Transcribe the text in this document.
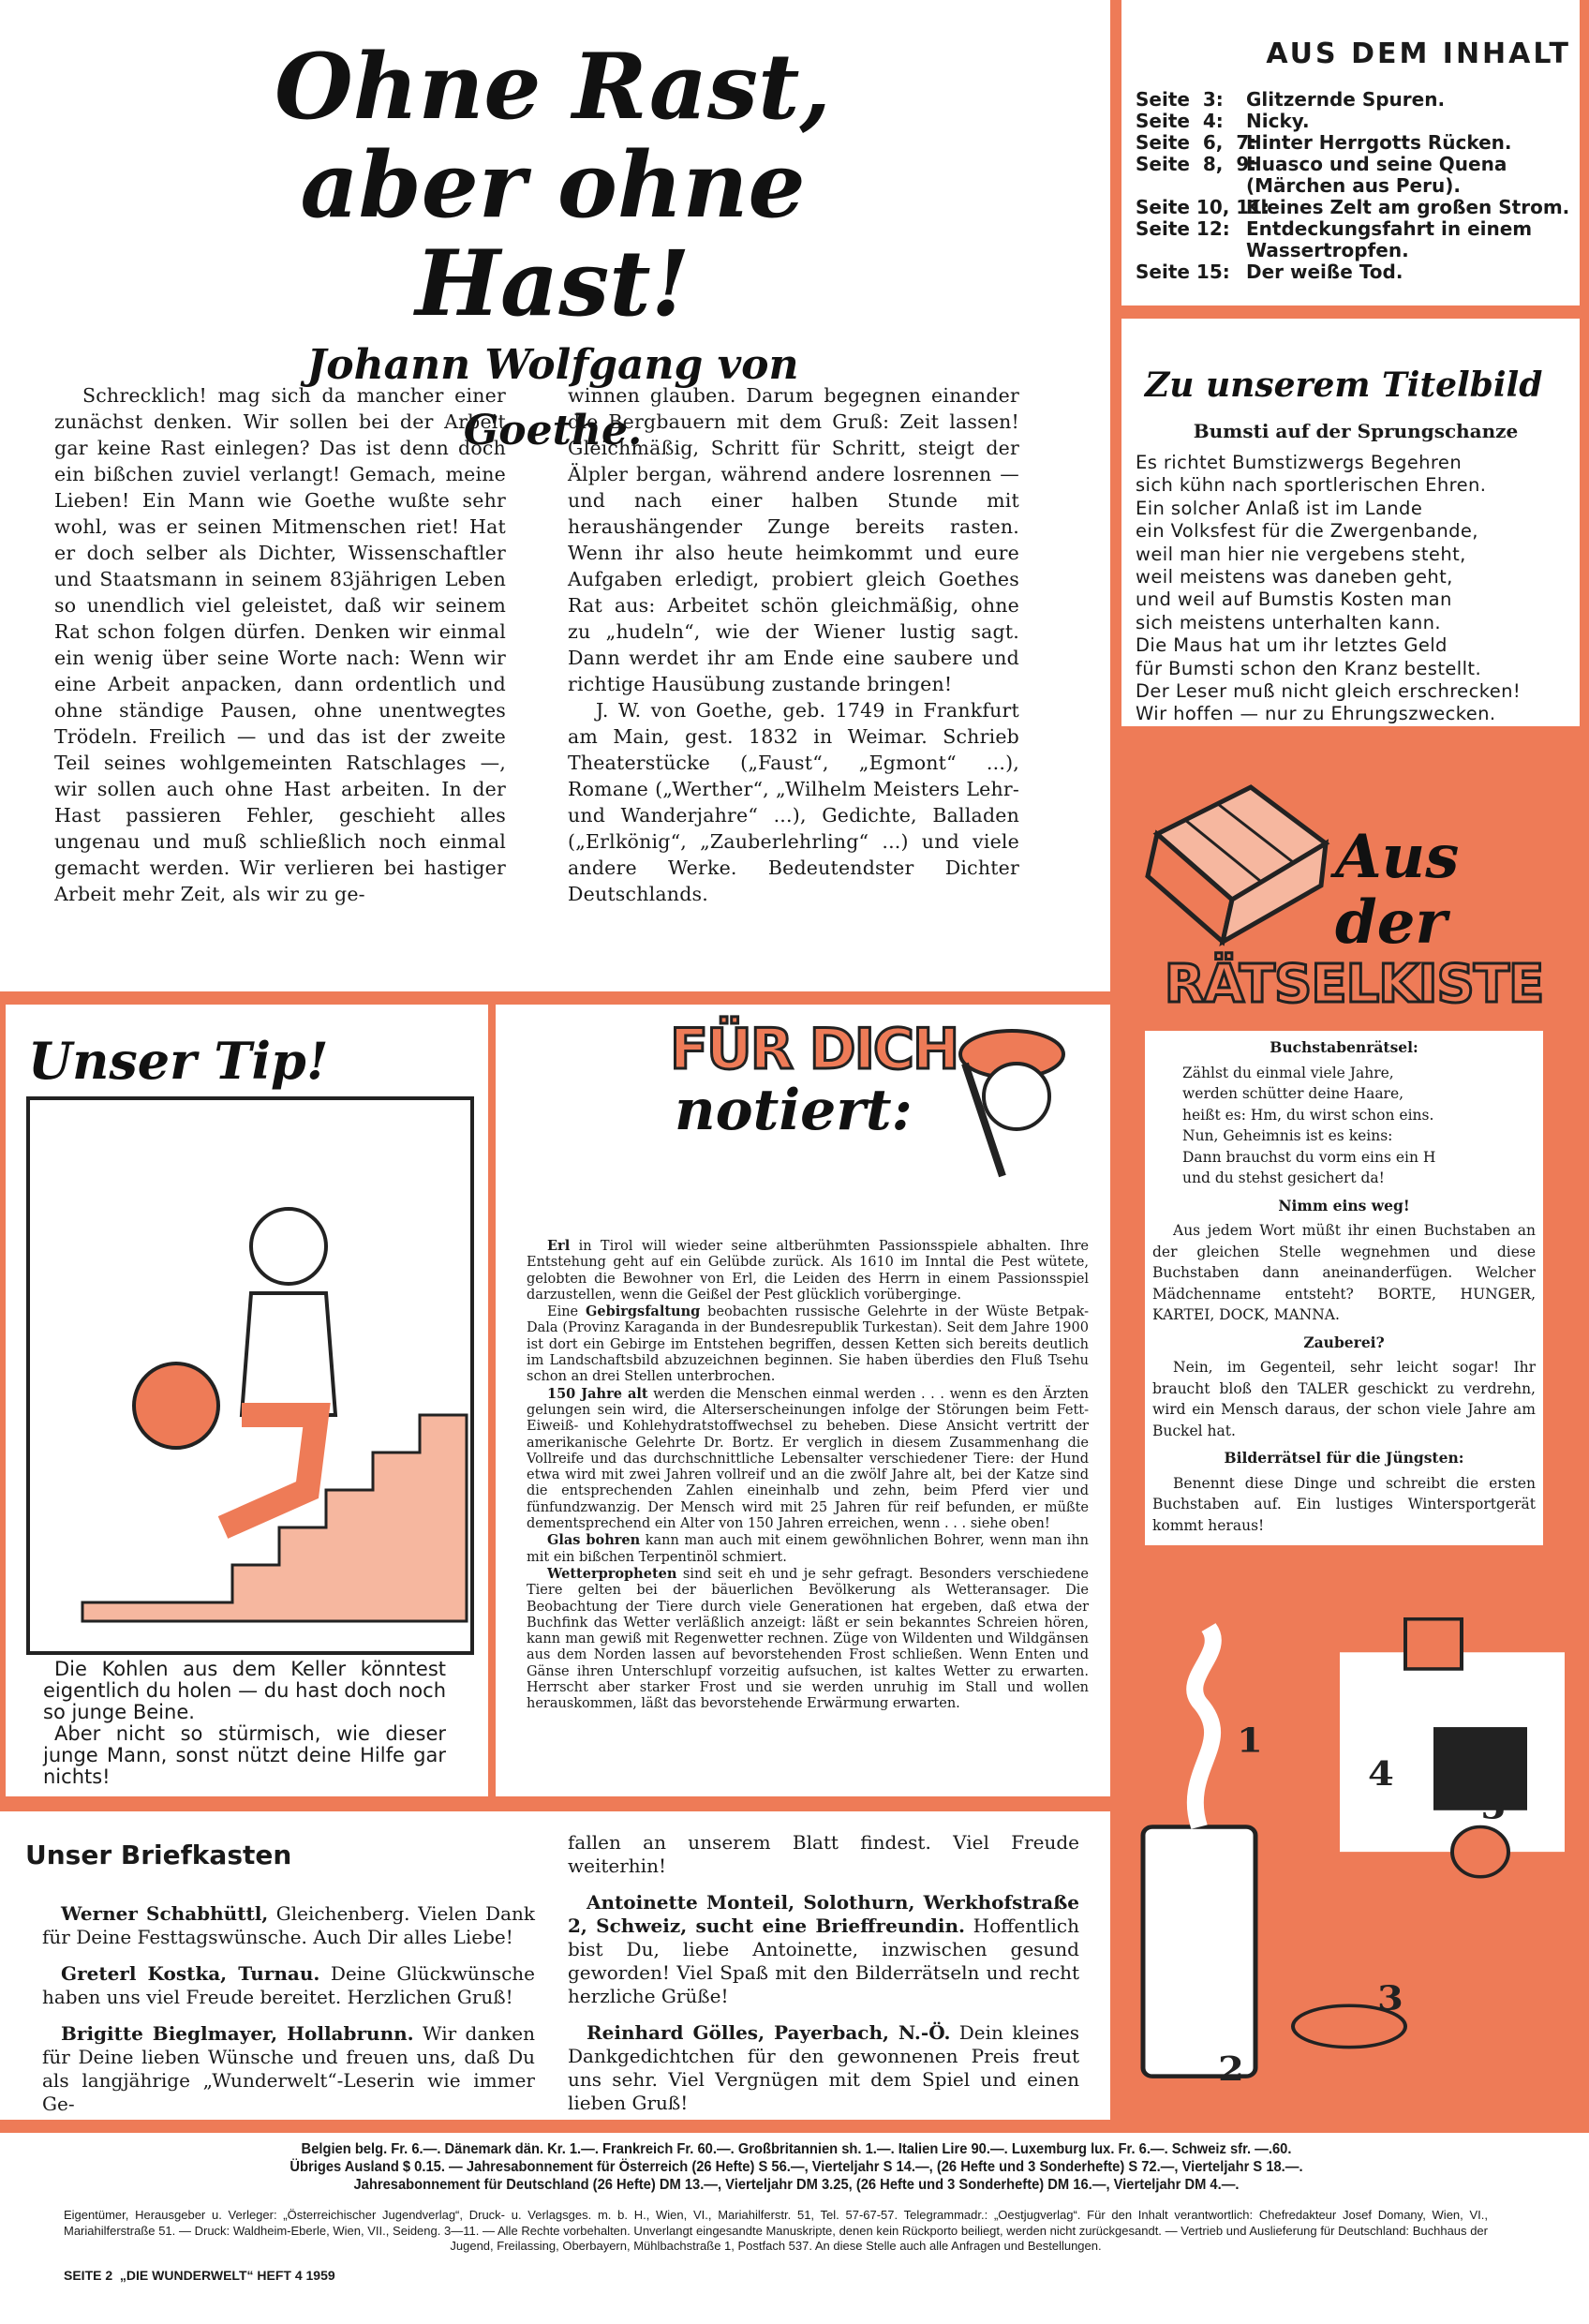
Ohne Rast,
aber ohne Hast!
Johann Wolfgang von Goethe.

Schrecklich! mag sich da mancher einer zunächst denken. Wir sollen bei der Arbeit gar keine Rast einlegen? Das ist denn doch ein bißchen zuviel verlangt! Gemach, meine Lieben! Ein Mann wie Goethe wußte sehr wohl, was er seinen Mitmenschen riet! Hat er doch selber als Dichter, Wissenschaftler und Staatsmann in seinem 83jährigen Leben so unendlich viel geleistet, daß wir seinem Rat schon folgen dürfen. Denken wir einmal ein wenig über seine Worte nach: Wenn wir eine Arbeit anpacken, dann ordentlich und ohne ständige Pausen, ohne unentwegtes Trödeln. Freilich — und das ist der zweite Teil seines wohlgemeinten Ratschlages —, wir sollen auch ohne Hast arbeiten. In der Hast passieren Fehler, geschieht alles ungenau und muß schließlich noch einmal gemacht werden. Wir verlieren bei hastiger Arbeit mehr Zeit, als wir zu ge-

winnen glauben. Darum begegnen einander die Bergbauern mit dem Gruß: Zeit lassen! Gleichmäßig, Schritt für Schritt, steigt der Älpler bergan, während andere losrennen — und nach einer halben Stunde mit heraushängender Zunge bereits rasten. Wenn ihr also heute heimkommt und eure Aufgaben erledigt, probiert gleich Goethes Rat aus: Arbeitet schön gleichmäßig, ohne zu „hudeln“, wie der Wiener lustig sagt. Dann werdet ihr am Ende eine saubere und richtige Hausübung zustande bringen!

J. W. von Goethe, geb. 1749 in Frankfurt am Main, gest. 1832 in Weimar. Schrieb Theaterstücke („Faust“, „Egmont“ ...), Romane („Werther“, „Wilhelm Meisters Lehr- und Wanderjahre“ ...), Gedichte, Balladen („Erlkönig“, „Zauberlehrling“ ...) und viele andere Werke. Bedeutendster Dichter Deutschlands.

AUS DEM INHALT
Seite  3:	Glitzernde Spuren.
Seite  4:	Nicky.
Seite  6,  7:
Hinter Herrgotts Rücken.
Seite  8,  9:
Huasco und seine Quena (Märchen aus Peru).
Seite 10, 11:
Kleines Zelt am großen Strom.
Seite 12: Entdeckungsfahrt in einem Wassertropfen.
Seite 15: Der weiße Tod.
Zu unserem Titelbild
Bumsti auf der Sprungschanze
Es richtet Bumstizwergs Begehren
sich kühn nach sportlerischen Ehren.
Ein solcher Anlaß ist im Lande
ein Volksfest für die Zwergenbande,
weil man hier nie vergebens steht,
weil meistens was daneben geht,
und weil auf Bumstis Kosten man
sich meistens unterhalten kann.
Die Maus hat um ihr letztes Geld
für Bumsti schon den Kranz bestellt.
Der Leser muß nicht gleich erschrecken!
Wir hoffen — nur zu Ehrungszwecken.
Aus der
RÄTSELKISTE
1
2
3
4
5
Buchstabenrätsel:
Zählst du einmal viele Jahre,
werden schütter deine Haare,
heißt es: Hm, du wirst schon eins.
Nun, Geheimnis ist es keins:
Dann brauchst du vorm eins ein H
und du stehst gesichert da!
Nimm eins weg!

Aus jedem Wort müßt ihr einen Buchstaben an der gleichen Stelle wegnehmen und diese Buchstaben dann aneinanderfügen. Welcher Mädchenname entsteht? BORTE, HUNGER, KARTEI, DOCK, MANNA.

Zauberei?

Nein, im Gegenteil, sehr leicht sogar! Ihr braucht bloß den TALER geschickt zu verdrehn, wird ein Mensch daraus, der schon viele Jahre am Buckel hat.

Bilderrätsel für die Jüngsten:

Benennt diese Dinge und schreibt die ersten Buchstaben auf. Ein lustiges Wintersportgerät kommt heraus!

Unser Tip!

Die Kohlen aus dem Keller könntest eigentlich du holen — du hast doch noch so junge Beine.

Aber nicht so stürmisch, wie dieser junge Mann, sonst nützt deine Hilfe gar nichts!

FÜR DICH
notiert:

Erl in Tirol will wieder seine altberühmten Passionsspiele abhalten. Ihre Entstehung geht auf ein Gelübde zurück. Als 1610 im Inntal die Pest wütete, gelobten die Bewohner von Erl, die Leiden des Herrn in einem Passionsspiel darzustellen, wenn die Geißel der Pest glücklich vorüberginge.

Eine Gebirgsfaltung beobachten russische Gelehrte in der Wüste Betpak-Dala (Provinz Karaganda in der Bundesrepublik Turkestan). Seit dem Jahre 1900 ist dort ein Gebirge im Entstehen begriffen, dessen Ketten sich bereits deutlich im Landschaftsbild abzuzeichnen beginnen. Sie haben überdies den Fluß Tsehu schon an drei Stellen unterbrochen.

150 Jahre alt werden die Menschen einmal werden . . . wenn es den Ärzten gelungen sein wird, die Alterserscheinungen infolge der Störungen beim Fett-Eiweiß- und Kohlehydratstoffwechsel zu beheben. Diese Ansicht vertritt der amerikanische Gelehrte Dr. Bortz. Er verglich in diesem Zusammenhang die Vollreife und das durchschnittliche Lebensalter verschiedener Tiere: der Hund etwa wird mit zwei Jahren vollreif und an die zwölf Jahre alt, bei der Katze sind die entsprechenden Zahlen eineinhalb und zehn, beim Pferd vier und fünfundzwanzig. Der Mensch wird mit 25 Jahren für reif befunden, er müßte dementsprechend ein Alter von 150 Jahren erreichen, wenn . . . siehe oben!

Glas bohren kann man auch mit einem gewöhnlichen Bohrer, wenn man ihn mit ein bißchen Terpentinöl schmiert.

Wetterpropheten sind seit eh und je sehr gefragt. Besonders verschiedene Tiere gelten bei der bäuerlichen Bevölkerung als Wetteransager. Die Beobachtung der Tiere durch viele Generationen hat ergeben, daß etwa der Buchfink das Wetter verläßlich anzeigt: läßt er sein bekanntes Schreien hören, kann man gewiß mit Regenwetter rechnen. Züge von Wildenten und Wildgänsen aus dem Norden lassen auf bevorstehenden Frost schließen. Wenn Enten und Gänse ihren Unterschlupf vorzeitig aufsuchen, ist kaltes Wetter zu erwarten. Herrscht aber starker Frost und sie werden unruhig im Stall und wollen herauskommen, läßt das bevorstehende Erwärmung erwarten.

Unser Briefkasten

Werner Schabhüttl, Gleichenberg. Vielen Dank für Deine Festtagswünsche. Auch Dir alles Liebe!

Greterl Kostka, Turnau. Deine Glückwünsche haben uns viel Freude bereitet. Herzlichen Gruß!

Brigitte Bieglmayer, Hollabrunn. Wir danken für Deine lieben Wünsche und freuen uns, daß Du als langjährige „Wunderwelt“-Leserin wie immer Ge-

fallen an unserem Blatt findest. Viel Freude weiterhin!

Antoinette Monteil, Solothurn, Werkhofstraße 2, Schweiz, sucht eine Brieffreundin. Hoffentlich bist Du, liebe Antoinette, inzwischen gesund geworden! Viel Spaß mit den Bilderrätseln und recht herzliche Grüße!

Reinhard Gölles, Payerbach, N.-Ö. Dein kleines Dankgedichtchen für den gewonnenen Preis freut uns sehr. Viel Vergnügen mit dem Spiel und einen lieben Gruß!

Belgien belg. Fr. 6.—. Dänemark dän. Kr. 1.—. Frankreich Fr. 60.—. Großbritannien sh. 1.—. Italien Lire 90.—. Luxemburg lux. Fr. 6.—. Schweiz sfr. —.60.
Übriges Ausland $ 0.15. — Jahresabonnement für Österreich (26 Hefte) S 56.—, Vierteljahr S 14.—, (26 Hefte und 3 Sonderhefte) S 72.—, Vierteljahr S 18.—.
Jahresabonnement für Deutschland (26 Hefte) DM 13.—, Vierteljahr DM 3.25, (26 Hefte und 3 Sonderhefte) DM 16.—, Vierteljahr DM 4.—.
Eigentümer, Herausgeber u. Verleger: „Österreichischer Jugendverlag“, Druck- u. Verlagsges. m. b. H., Wien, VI., Mariahilferstr. 51, Tel. 57-67-57. Telegrammadr.: „Oestjugverlag“. Für den Inhalt verantwortlich: Chefredakteur Josef Domany, Wien, VI., Mariahilferstraße 51. — Druck: Waldheim-Eberle, Wien, VII., Seideng. 3—11. — Alle Rechte vorbehalten. Unverlangt eingesandte Manuskripte, denen kein Rückporto beiliegt, werden nicht zurückgesandt. — Vertrieb und Auslieferung für Deutschland: Buchhaus der Jugend, Freilassing, Oberbayern, Mühlbachstraße 1, Postfach 537. An diese Stelle auch alle Anfragen und Bestellungen.
SEITE 2  „DIE WUNDERWELT“ HEFT 4 1959
